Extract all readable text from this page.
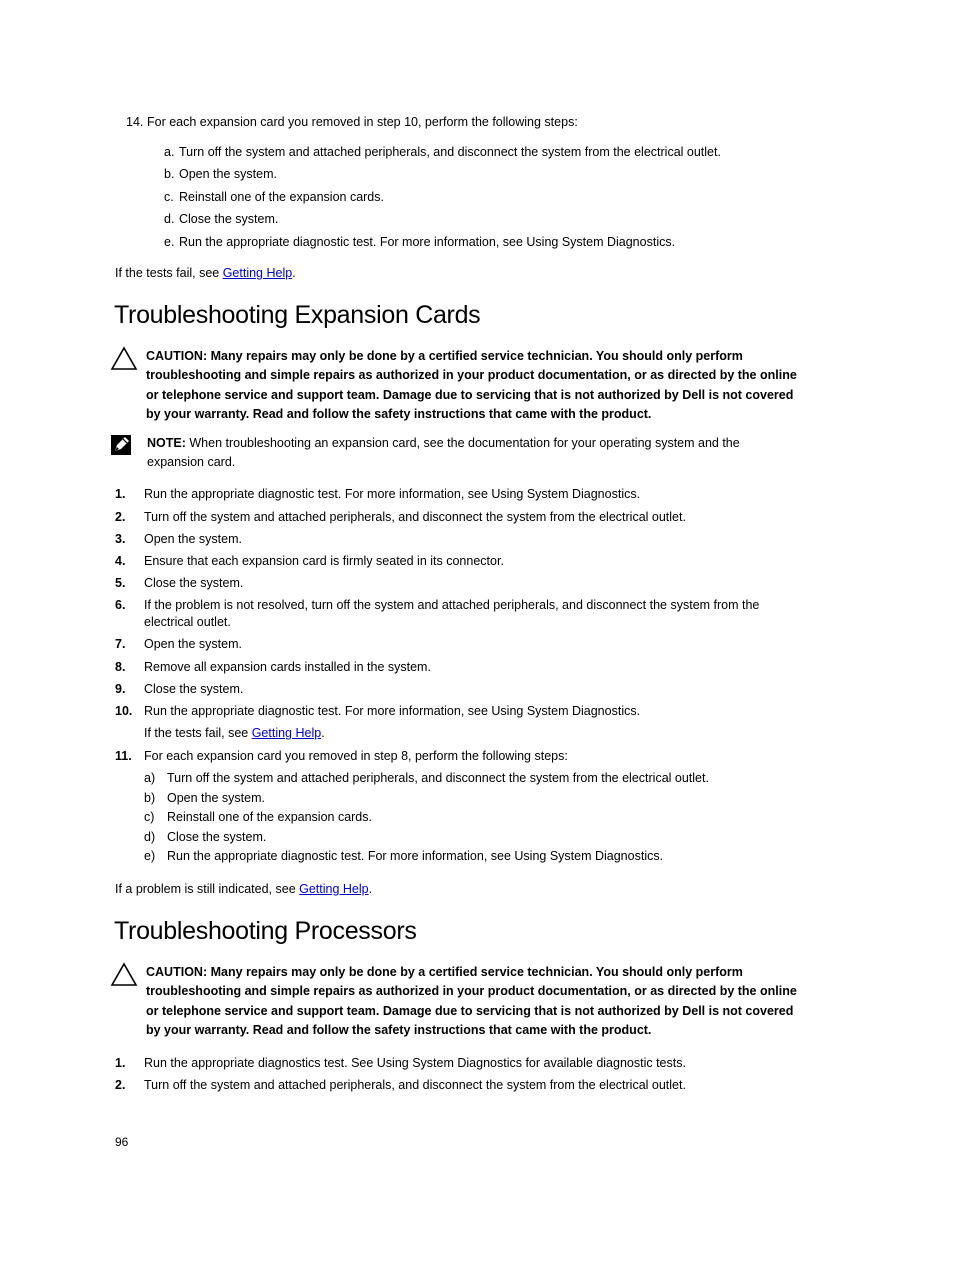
14. For each expansion card you removed in step 10, perform the following steps:
a. Turn off the system and attached peripherals, and disconnect the system from the electrical outlet.
b. Open the system.
c. Reinstall one of the expansion cards.
d. Close the system.
e. Run the appropriate diagnostic test. For more information, see Using System Diagnostics.
If the tests fail, see Getting Help.
Troubleshooting Expansion Cards
CAUTION: Many repairs may only be done by a certified service technician. You should only perform troubleshooting and simple repairs as authorized in your product documentation, or as directed by the online or telephone service and support team. Damage due to servicing that is not authorized by Dell is not covered by your warranty. Read and follow the safety instructions that came with the product.
NOTE: When troubleshooting an expansion card, see the documentation for your operating system and the expansion card.
1. Run the appropriate diagnostic test. For more information, see Using System Diagnostics.
2. Turn off the system and attached peripherals, and disconnect the system from the electrical outlet.
3. Open the system.
4. Ensure that each expansion card is firmly seated in its connector.
5. Close the system.
6. If the problem is not resolved, turn off the system and attached peripherals, and disconnect the system from the electrical outlet.
7. Open the system.
8. Remove all expansion cards installed in the system.
9. Close the system.
10. Run the appropriate diagnostic test. For more information, see Using System Diagnostics.
If the tests fail, see Getting Help.
11. For each expansion card you removed in step 8, perform the following steps:
a) Turn off the system and attached peripherals, and disconnect the system from the electrical outlet.
b) Open the system.
c) Reinstall one of the expansion cards.
d) Close the system.
e) Run the appropriate diagnostic test. For more information, see Using System Diagnostics.
If a problem is still indicated, see Getting Help.
Troubleshooting Processors
CAUTION: Many repairs may only be done by a certified service technician. You should only perform troubleshooting and simple repairs as authorized in your product documentation, or as directed by the online or telephone service and support team. Damage due to servicing that is not authorized by Dell is not covered by your warranty. Read and follow the safety instructions that came with the product.
1. Run the appropriate diagnostics test. See Using System Diagnostics for available diagnostic tests.
2. Turn off the system and attached peripherals, and disconnect the system from the electrical outlet.
96
